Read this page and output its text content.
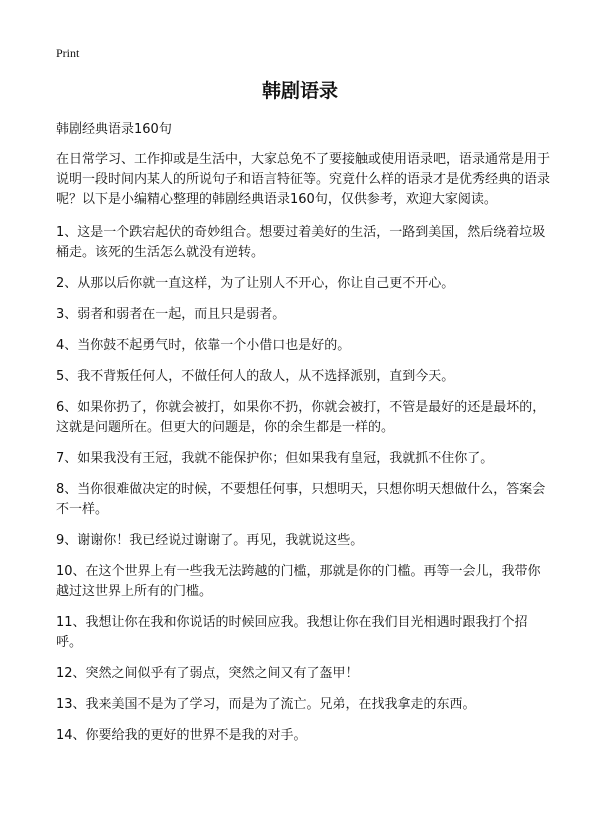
Print
韩剧语录

韩剧经典语录160句

在日常学习、工作抑或是生活中，大家总免不了要接触或使用语录吧，语录通常是用于说明一段时间内某人的所说句子和语言特征等。究竟什么样的语录才是优秀经典的语录呢？以下是小编精心整理的韩剧经典语录160句，仅供参考，欢迎大家阅读。

1、这是一个跌宕起伏的奇妙组合。想要过着美好的生活，一路到美国，然后绕着垃圾桶走。该死的生活怎么就没有逆转。

2、从那以后你就一直这样，为了让别人不开心，你让自己更不开心。

3、弱者和弱者在一起，而且只是弱者。

4、当你鼓不起勇气时，依靠一个小借口也是好的。

5、我不背叛任何人，不做任何人的敌人，从不选择派别，直到今天。

6、如果你扔了，你就会被打，如果你不扔，你就会被打，不管是最好的还是最坏的，这就是问题所在。但更大的问题是，你的余生都是一样的。

7、如果我没有王冠，我就不能保护你；但如果我有皇冠，我就抓不住你了。

8、当你很难做决定的时候，不要想任何事，只想明天，只想你明天想做什么，答案会不一样。

9、谢谢你！我已经说过谢谢了。再见，我就说这些。

10、在这个世界上有一些我无法跨越的门槛，那就是你的门槛。再等一会儿，我带你越过这世界上所有的门槛。

11、我想让你在我和你说话的时候回应我。我想让你在我们目光相遇时跟我打个招呼。

12、突然之间似乎有了弱点，突然之间又有了盔甲！

13、我来美国不是为了学习，而是为了流亡。兄弟，在找我拿走的东西。

14、你要给我的更好的世界不是我的对手。
